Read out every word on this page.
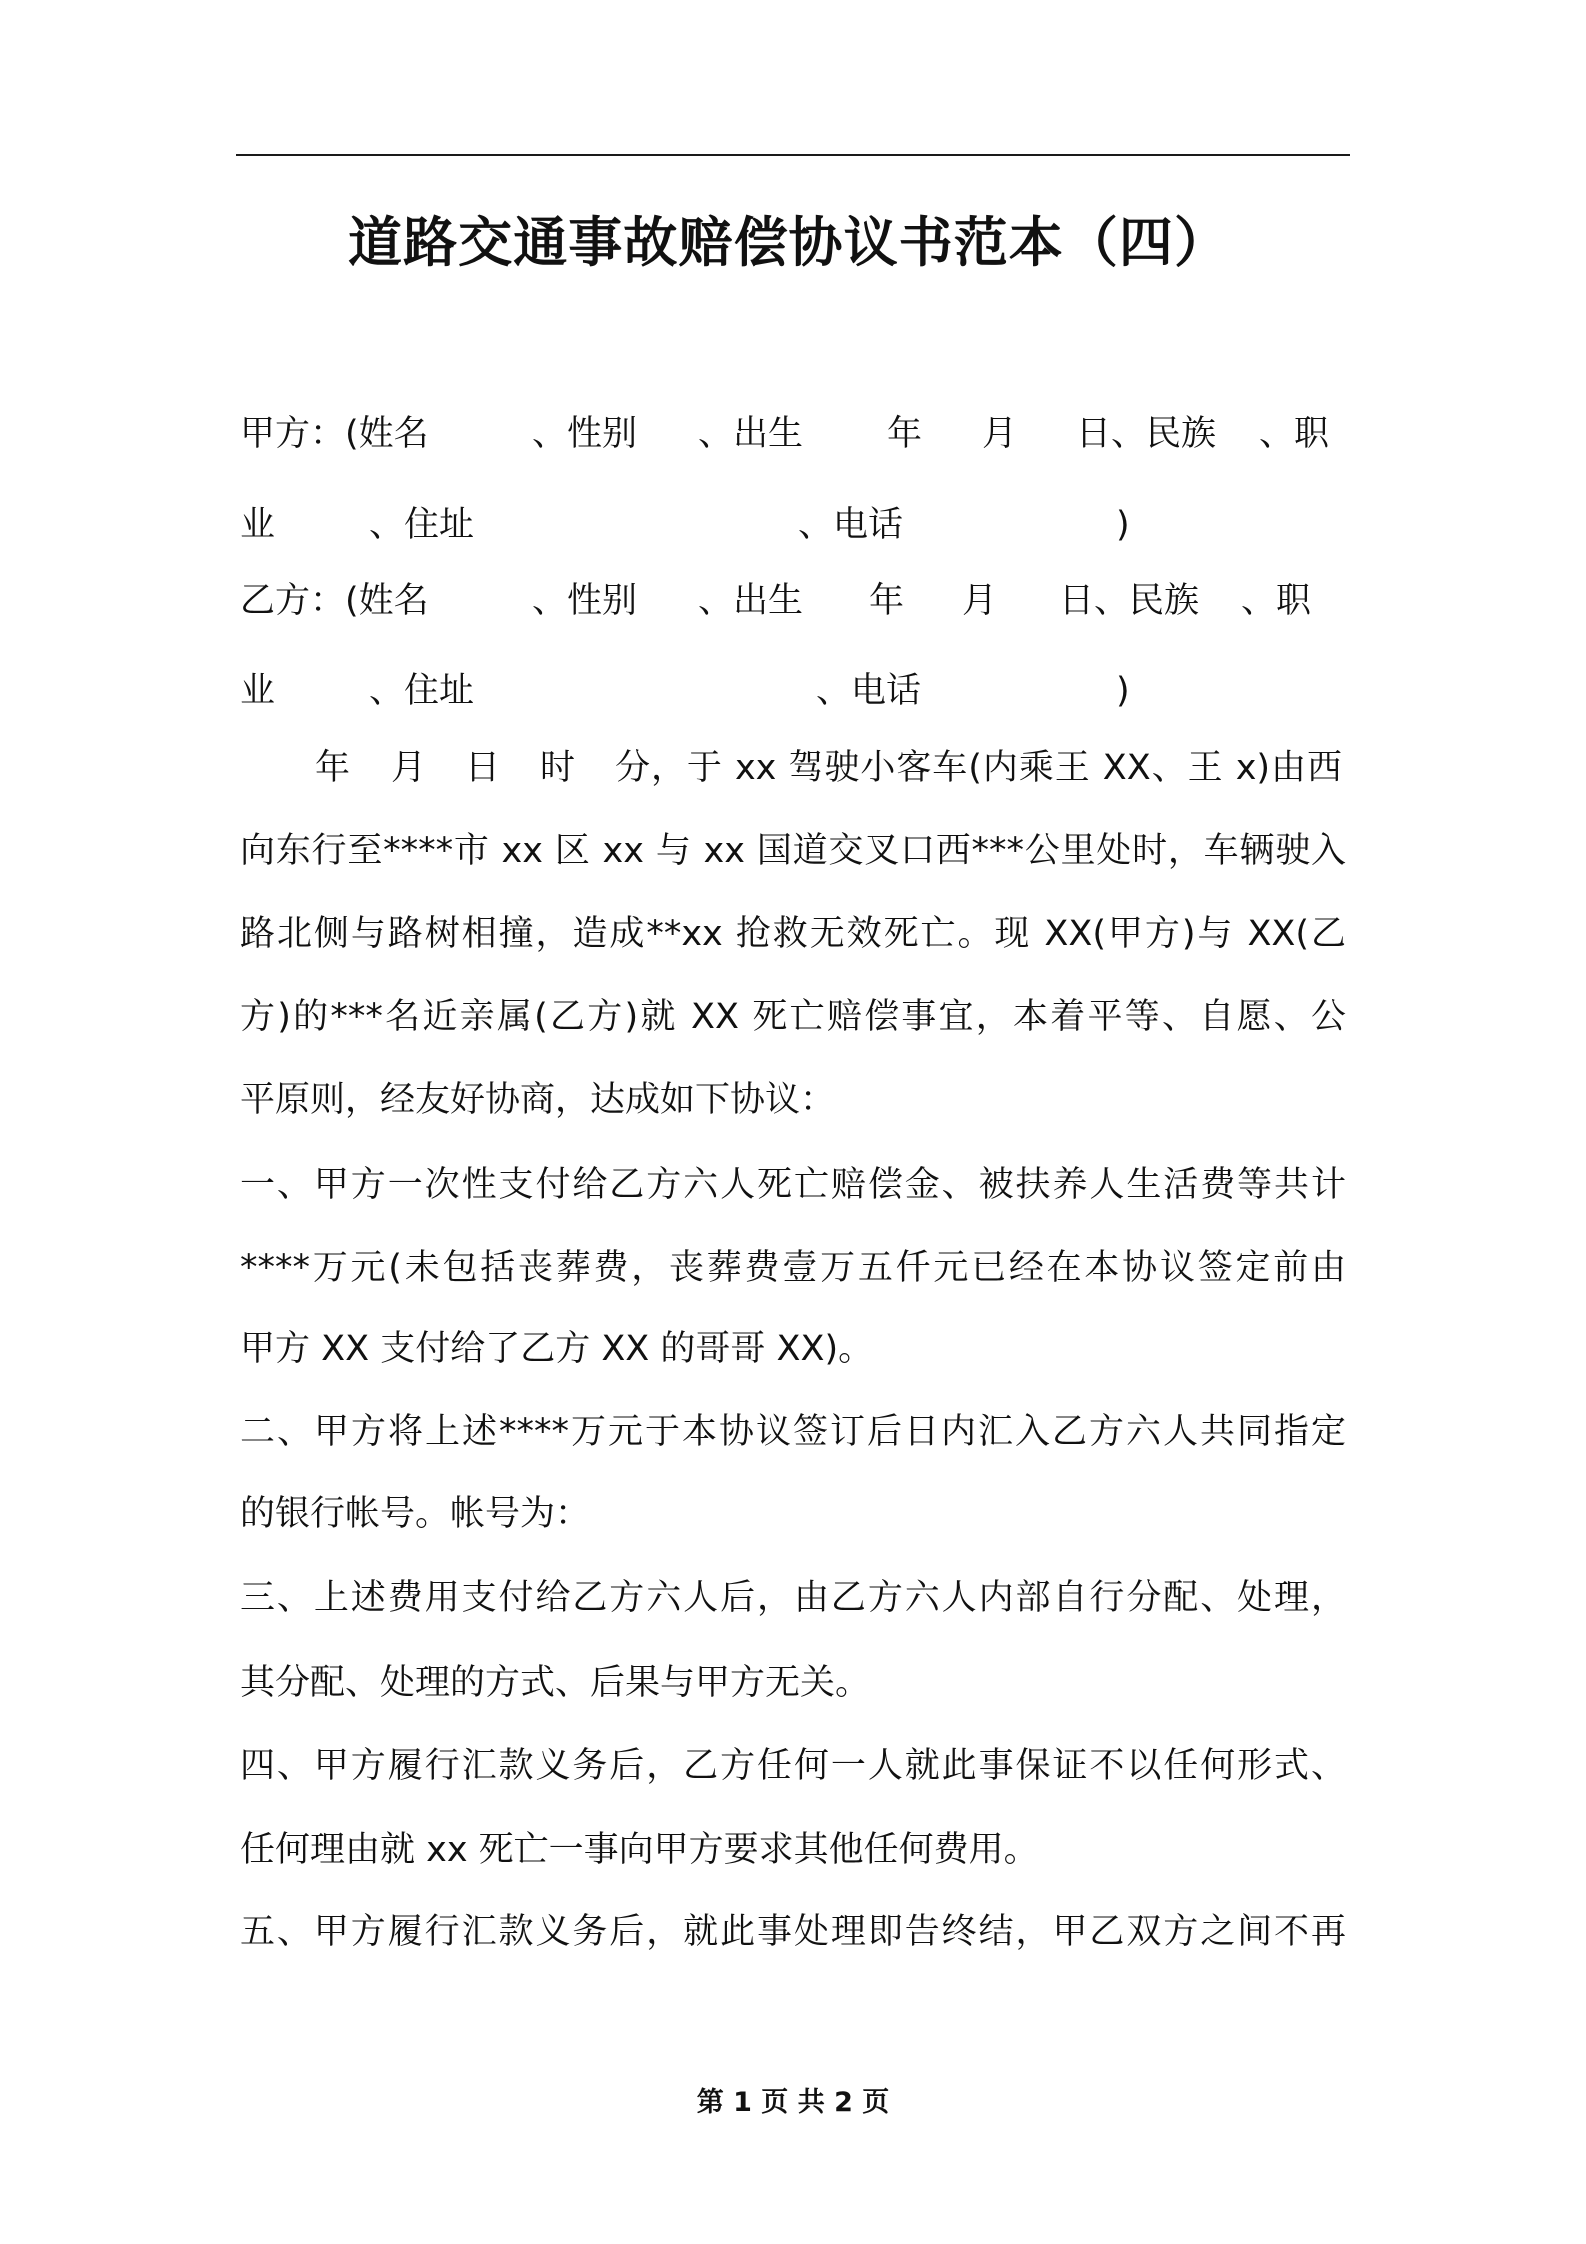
道路交通事故赔偿协议书范本（四）
甲方：(姓名	、性别 、出生 年 月 日、民族 、职
业	、住址	、电话	)
乙方：(姓名	、性别 、出生 年 月 日、民族 、职
业	、住址	、电话	)
年 月 日 时 分，于 xx 驾驶小客车(内乘王 XX、王 x)由西
向东行至****市 xx 区 xx 与 xx 国道交叉口西***公里处时，车辆驶入
路北侧与路树相撞，造成**xx 抢救无效死亡。现 XX(甲方)与 XX(乙
方)的***名近亲属(乙方)就 XX 死亡赔偿事宜，本着平等、自愿、公
平原则，经友好协商，达成如下协议：
一、甲方一次性支付给乙方六人死亡赔偿金、被扶养人生活费等共计
****万元(未包括丧葬费，丧葬费壹万五仟元已经在本协议签定前由
甲方 XX 支付给了乙方 XX 的哥哥 XX)。
二、甲方将上述****万元于本协议签订后日内汇入乙方六人共同指定
的银行帐号。帐号为：
三、上述费用支付给乙方六人后，由乙方六人内部自行分配、处理，
其分配、处理的方式、后果与甲方无关。
四、甲方履行汇款义务后，乙方任何一人就此事保证不以任何形式、
任何理由就 xx 死亡一事向甲方要求其他任何费用。
五、甲方履行汇款义务后，就此事处理即告终结，甲乙双方之间不再
第 1 页 共 2 页
